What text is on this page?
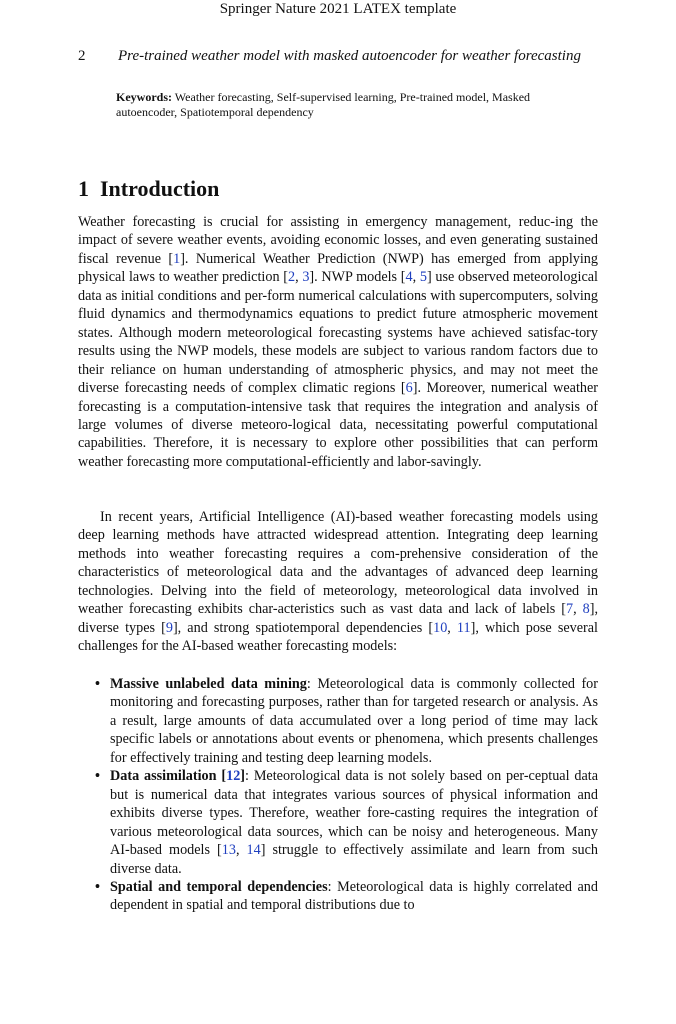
Springer Nature 2021 LATEX template
2 Pre-trained weather model with masked autoencoder for weather forecasting
Keywords: Weather forecasting, Self-supervised learning, Pre-trained model, Masked autoencoder, Spatiotemporal dependency
1 Introduction
Weather forecasting is crucial for assisting in emergency management, reduc-ing the impact of severe weather events, avoiding economic losses, and even generating sustained fiscal revenue [1]. Numerical Weather Prediction (NWP) has emerged from applying physical laws to weather prediction [2, 3]. NWP models [4, 5] use observed meteorological data as initial conditions and per-form numerical calculations with supercomputers, solving fluid dynamics and thermodynamics equations to predict future atmospheric movement states. Although modern meteorological forecasting systems have achieved satisfac-tory results using the NWP models, these models are subject to various random factors due to their reliance on human understanding of atmospheric physics, and may not meet the diverse forecasting needs of complex climatic regions [6]. Moreover, numerical weather forecasting is a computation-intensive task that requires the integration and analysis of large volumes of diverse meteoro-logical data, necessitating powerful computational capabilities. Therefore, it is necessary to explore other possibilities that can perform weather forecasting more computational-efficiently and labor-savingly.
In recent years, Artificial Intelligence (AI)-based weather forecasting models using deep learning methods have attracted widespread attention. Integrating deep learning methods into weather forecasting requires a com-prehensive consideration of the characteristics of meteorological data and the advantages of advanced deep learning technologies. Delving into the field of meteorology, meteorological data involved in weather forecasting exhibits char-acteristics such as vast data and lack of labels [7, 8], diverse types [9], and strong spatiotemporal dependencies [10, 11], which pose several challenges for the AI-based weather forecasting models:
• Massive unlabeled data mining: Meteorological data is commonly collected for monitoring and forecasting purposes, rather than for targeted research or analysis. As a result, large amounts of data accumulated over a long period of time may lack specific labels or annotations about events or phenomena, which presents challenges for effectively training and testing deep learning models.
• Data assimilation [12]: Meteorological data is not solely based on per-ceptual data but is numerical data that integrates various sources of physical information and exhibits diverse types. Therefore, weather fore-casting requires the integration of various meteorological data sources, which can be noisy and heterogeneous. Many AI-based models [13, 14] struggle to effectively assimilate and learn from such diverse data.
• Spatial and temporal dependencies: Meteorological data is highly correlated and dependent in spatial and temporal distributions due to
